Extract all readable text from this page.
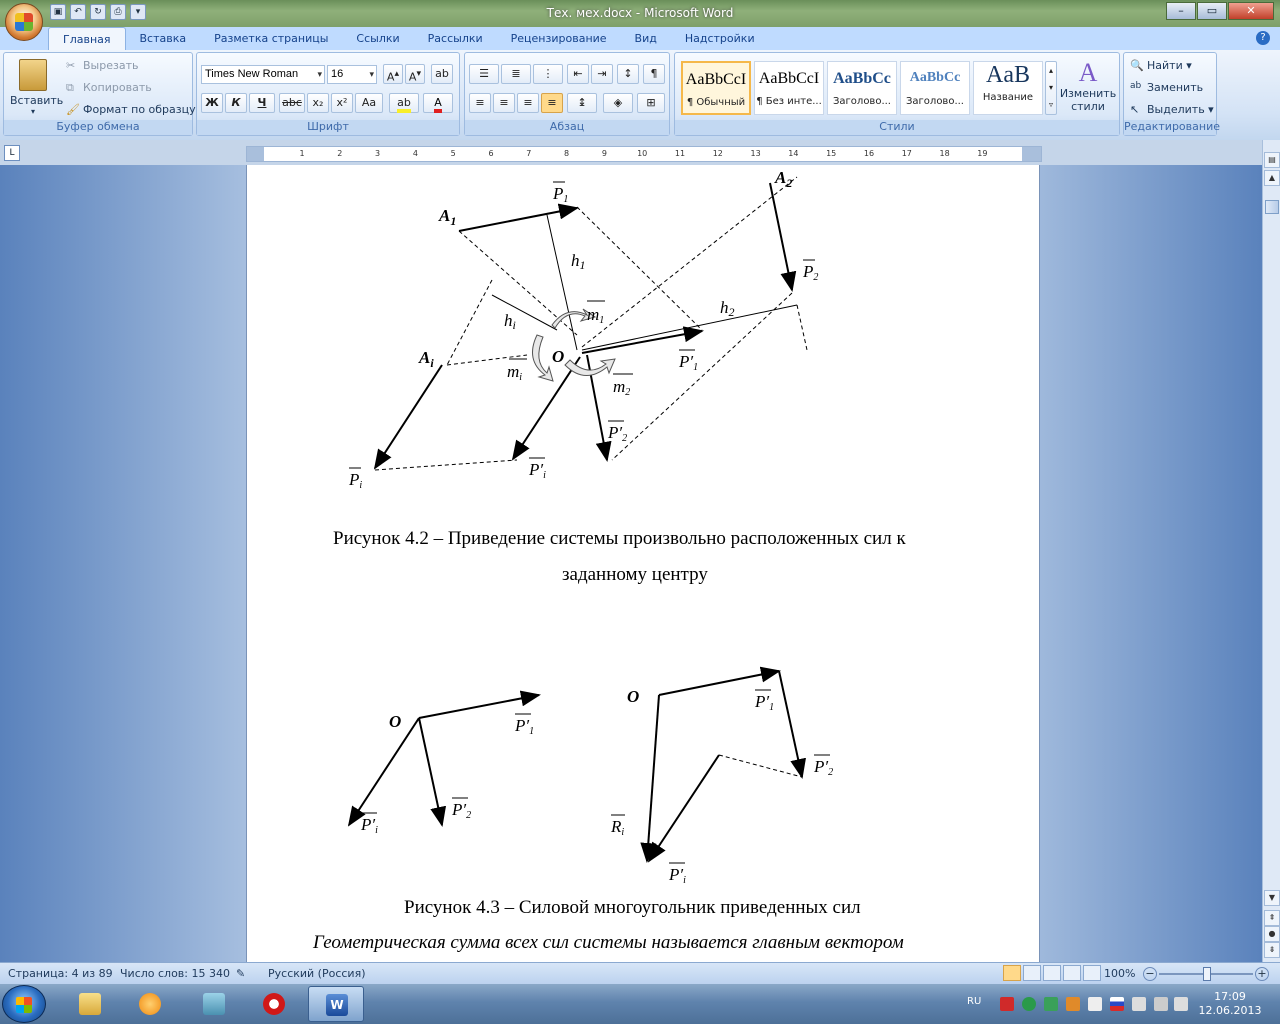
Тех. мех.docx - Microsoft Word
▣	↶	↻	⎙	▾	–	▭	✕
Главная	Вставка	Разметка страницы	Ссылки	Рассылки	Рецензирование	Вид	Надстройки	?
Вставить
▾
✂ Вырезать
⧉ Копировать
🖌 Формат по образцу
Буфер обмена
Times New Roman ▾	16 ▾	A▴ A▾	ab
Ж	К	Ч	abc x₂	x²	Aa	ab	A
Шрифт
☰	≣	⋮	⇤	⇥	↕	¶
≡	≡	≡	≡	↨	◈	⊞
Абзац
AaBbCcI
¶ Обычный
AaBbCcI
¶ Без инте...
AaBbCc
Заголово...
AaBbCc
Заголово...
AaB
Название
▴
▾
▿
A
Изменить стили
Стили
🔍 Найти ▾
ab Заменить
↖ Выделить ▾
Редактирование
L	1	2	3	4	5	6	7	8	9	10	11	12	13	14	15	16	17	18	19
$A_1$
$A_2$
$A_i$
P1
P2
Pi
P′1
P′2
P′i
h1
h2
hi
m1
m2
mi
O
O
O
P′1
P′2
P′i
P′1
P′2
P′i
Ri
Рисунок 4.2 – Приведение системы произвольно расположенных сил к
заданному центру
Рисунок 4.3 – Силовой многоугольник приведенных сил
Геометрическая сумма всех сил системы называется главным вектором
▤
▲
▼
⇞
●
⇟
Страница: 4 из 89 Число слов: 15 340 ✎ Русский (Россия)	100% −	+
W	RU	17:09
12.06.2013
